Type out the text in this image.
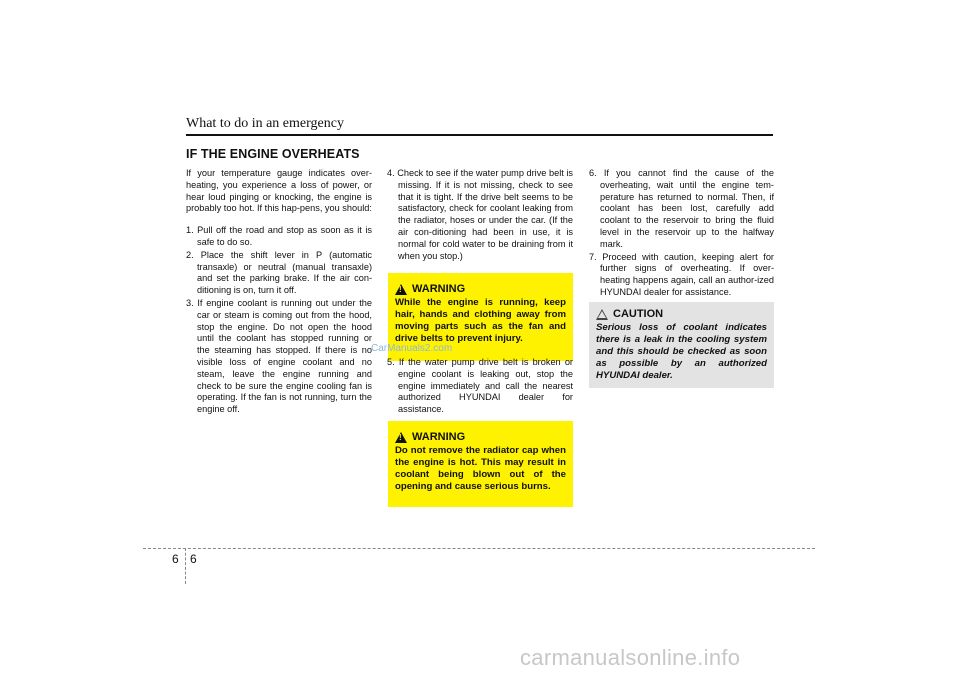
What to do in an emergency
IF THE ENGINE OVERHEATS

If your temperature gauge indicates over-heating, you experience a loss of power, or hear loud pinging or knocking, the engine is probably too hot. If this hap-pens, you should:

1. Pull off the road and stop as soon as it is safe to do so.
2. Place the shift lever in P (automatic transaxle) or neutral (manual transaxle) and set the parking brake. If the air con-ditioning is on, turn it off.
3. If engine coolant is running out under the car or steam is coming out from the hood, stop the engine. Do not open the hood until the coolant has stopped running or the steaming has stopped. If there is no visible loss of engine coolant and no steam, leave the engine running and check to be sure the engine cooling fan is operating. If the fan is not running, turn the engine off.
4. Check to see if the water pump drive belt is missing. If it is not missing, check to see that it is tight. If the drive belt seems to be satisfactory, check for coolant leaking from the radiator, hoses or under the car. (If the air con-ditioning had been in use, it is normal for cold water to be draining from it when you stop.)
!
WARNING
While the engine is running, keep hair, hands and clothing away from moving parts such as the fan and drive belts to prevent injury.
5. If the water pump drive belt is broken or engine coolant is leaking out, stop the engine immediately and call the nearest authorized HYUNDAI dealer for assistance.
!
WARNING
Do not remove the radiator cap when the engine is hot. This may result in coolant being blown out of the opening and cause serious burns.
6. If you cannot find the cause of the overheating, wait until the engine tem-perature has returned to normal. Then, if coolant has been lost, carefully add coolant to the reservoir to bring the fluid level in the reservoir up to the halfway mark.
7. Proceed with caution, keeping alert for further signs of overheating. If over-heating happens again, call an author-ized HYUNDAI dealer for assistance.
CAUTION
Serious loss of coolant indicates there is a leak in the cooling system and this should be checked as soon as possible by an authorized HYUNDAI dealer.
CarManuals2.com
6 6
carmanualsonline.info
